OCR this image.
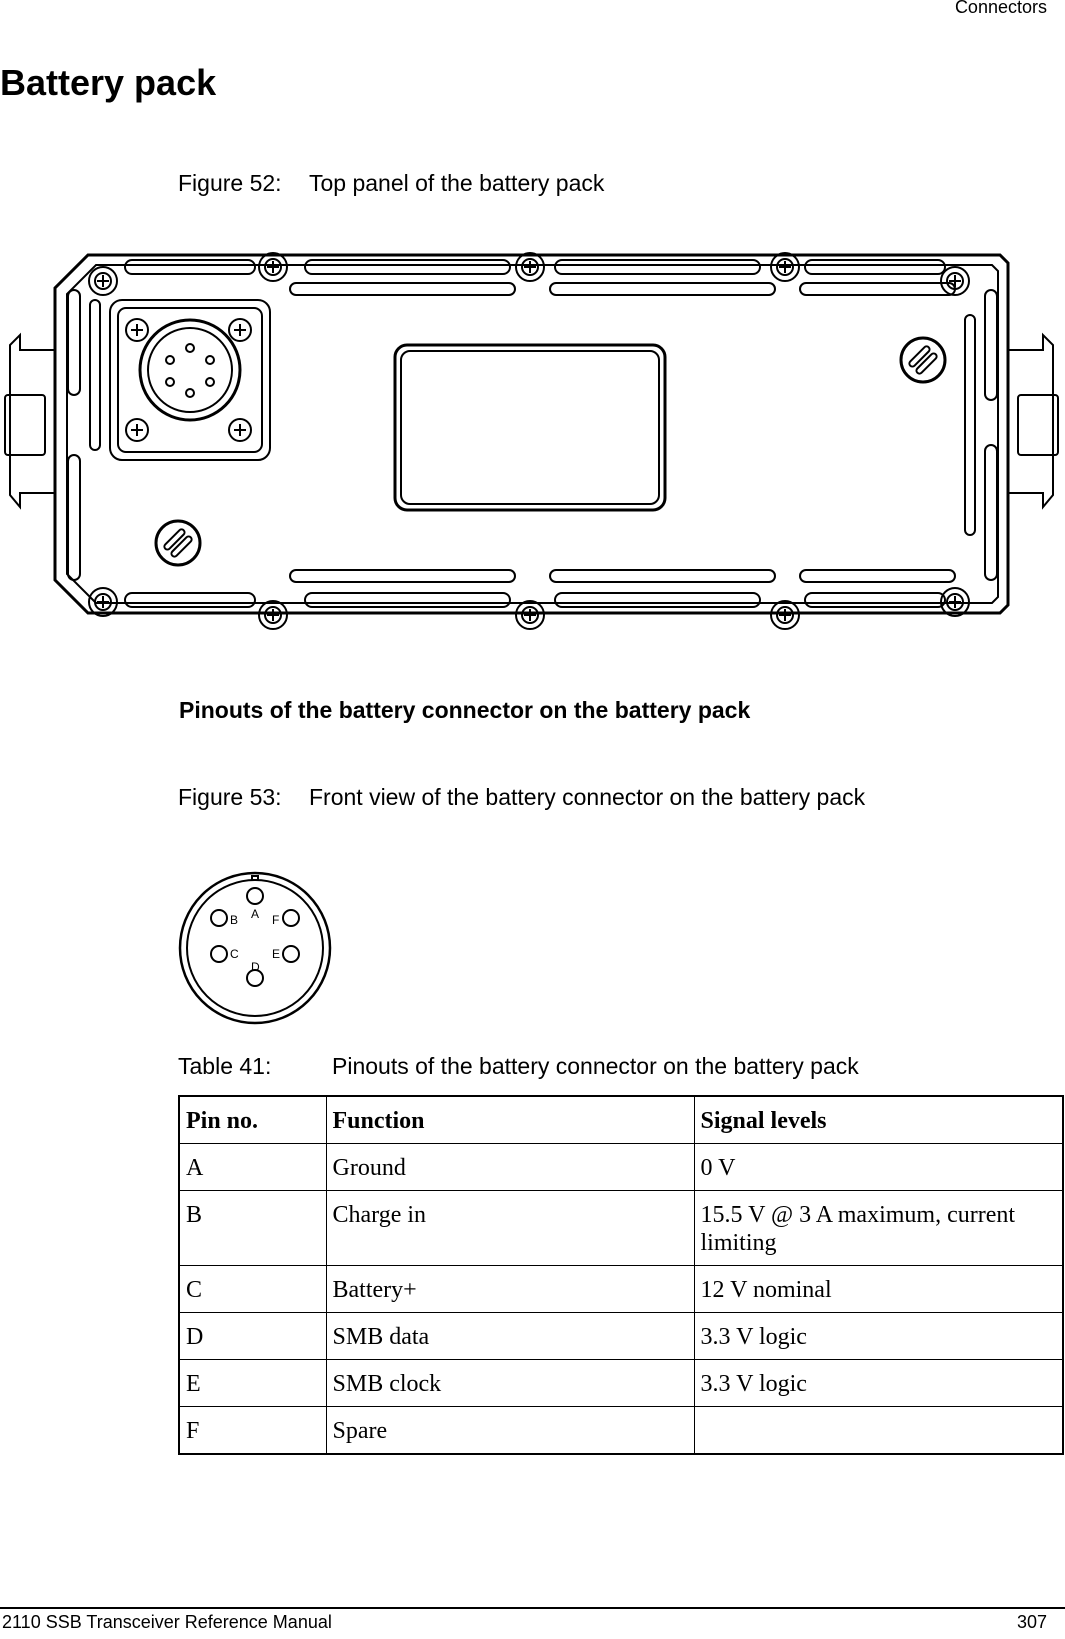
Connectors
Battery pack
Figure 52: Top panel of the battery pack
Pinouts of the battery connector on the battery pack
Figure 53: Front view of the battery connector on the battery pack
A
B	F
C	E
D
Table 41:	Pinouts of the battery connector on the battery pack
Pin no.	Function	Signal levels
A	Ground	0 V
B	Charge in	15.5 V @ 3 A maximum, current limiting
C	Battery+	12 V nominal
D	SMB data	3.3 V logic
E	SMB clock	3.3 V logic
F	Spare	
2110 SSB Transceiver Reference Manual	307
